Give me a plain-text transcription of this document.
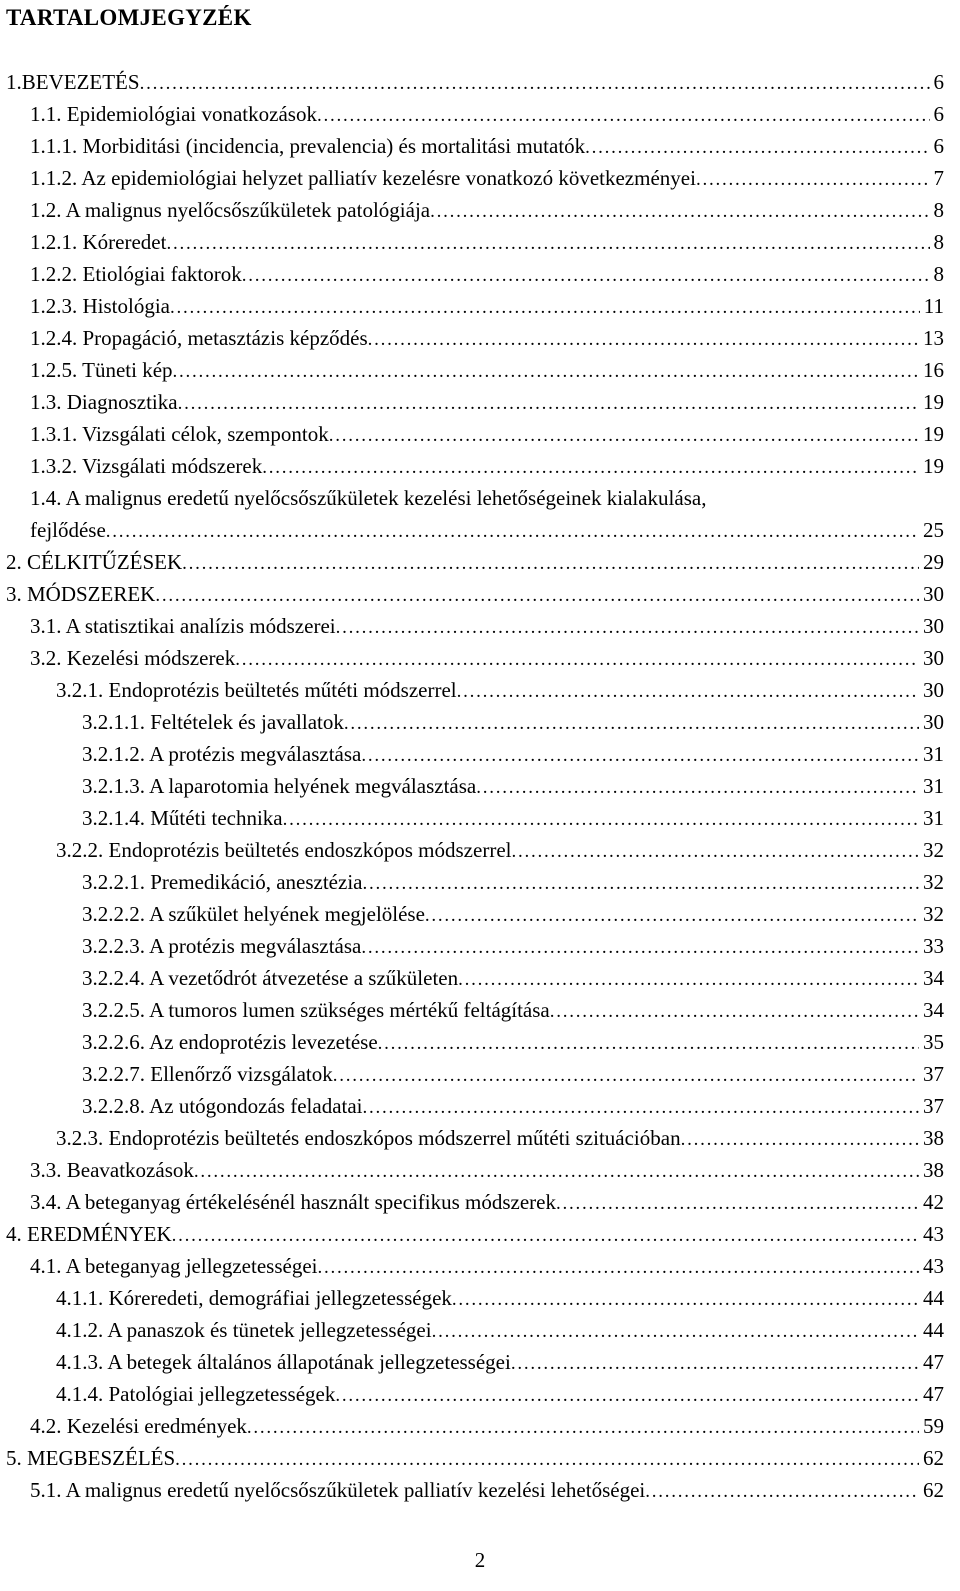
TARTALOMJEGYZÉK
1.BEVEZETÉS . . .	6
1.1. Epidemiológiai vonatkozások . . .	6
1.1.1. Morbiditási (incidencia, prevalencia) és mortalitási mutatók . . .	6
1.1.2. Az epidemiológiai helyzet palliatív kezelésre vonatkozó következményei . . .	7
1.2. A malignus nyelőcsőszűkületek patológiája . . .	8
1.2.1. Kóreredet . . .	8
1.2.2. Etiológiai faktorok . . .	8
1.2.3. Histológia . . .	11
1.2.4. Propagáció, metasztázis képződés . . .	13
1.2.5. Tüneti kép . . .	16
1.3. Diagnosztika . . .	19
1.3.1. Vizsgálati célok, szempontok . . .	19
1.3.2. Vizsgálati módszerek . . .	19
1.4. A malignus eredetű nyelőcsőszűkületek kezelési lehetőségeinek kialakulása,
fejlődése . . .	25
2. CÉLKITŰZÉSEK . . .	29
3. MÓDSZEREK . . .	30
3.1. A statisztikai analízis módszerei . . .	30
3.2. Kezelési módszerek . . .	30
3.2.1. Endoprotézis beültetés műtéti módszerrel . . .	30
3.2.1.1. Feltételek és javallatok . . .	30
3.2.1.2. A protézis megválasztása . . .	31
3.2.1.3. A laparotomia helyének megválasztása . . .	31
3.2.1.4. Műtéti technika . . .	31
3.2.2. Endoprotézis beültetés endoszkópos módszerrel . . .	32
3.2.2.1. Premedikáció, anesztézia . . .	32
3.2.2.2. A szűkület helyének megjelölése . . .	32
3.2.2.3. A protézis megválasztása . . .	33
3.2.2.4. A vezetődrót átvezetése a szűkületen . . .	34
3.2.2.5. A tumoros lumen szükséges mértékű feltágítása . . .	34
3.2.2.6. Az endoprotézis levezetése . . .	35
3.2.2.7. Ellenőrző vizsgálatok . . .	37
3.2.2.8. Az utógondozás feladatai . . .	37
3.2.3. Endoprotézis beültetés endoszkópos módszerrel műtéti szituációban . . .	38
3.3. Beavatkozások . . .	38
3.4. A beteganyag értékelésénél használt specifikus módszerek . . .	42
4. EREDMÉNYEK . . .	43
4.1. A beteganyag jellegzetességei . . .	43
4.1.1. Kóreredeti, demográfiai jellegzetességek . . .	44
4.1.2. A panaszok és tünetek jellegzetességei . . .	44
4.1.3. A betegek általános állapotának jellegzetességei . . .	47
4.1.4. Patológiai jellegzetességek . . .	47
4.2. Kezelési eredmények . . .	59
5. MEGBESZÉLÉS . . .	62
5.1. A malignus eredetű nyelőcsőszűkületek palliatív kezelési lehetőségei . . .	62
2
